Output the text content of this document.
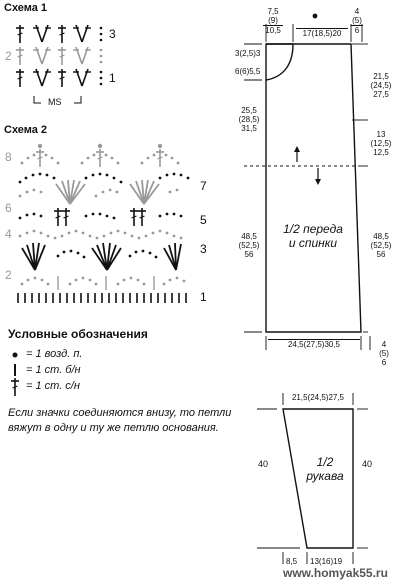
Схема 1
3
2
1
MS
Схема 2
8
7
6
5
4
3
2
1
Условные обозначения
= 1 возд. п.
= 1 ст. б/н
= 1 ст. с/н
Если значки соединяются внизу, то петли вяжут в одну и ту же петлю основания.
7,5
(9)
10,5	17(18,5)20
4
(5)
6
3(2,5)3
6(6)5,5
21,5
(24,5)
27,5
13
(12,5)
12,5
25,5
(28,5)
31,5
48,5
(52,5)
56
48,5
(52,5)
56
1/2 переда
и спинки
24,5(27,5)30,5	4
(5)
6
21,5(24,5)27,5
40	40
1/2
рукава
8,5 13(16)19
www.homyak55.ru
